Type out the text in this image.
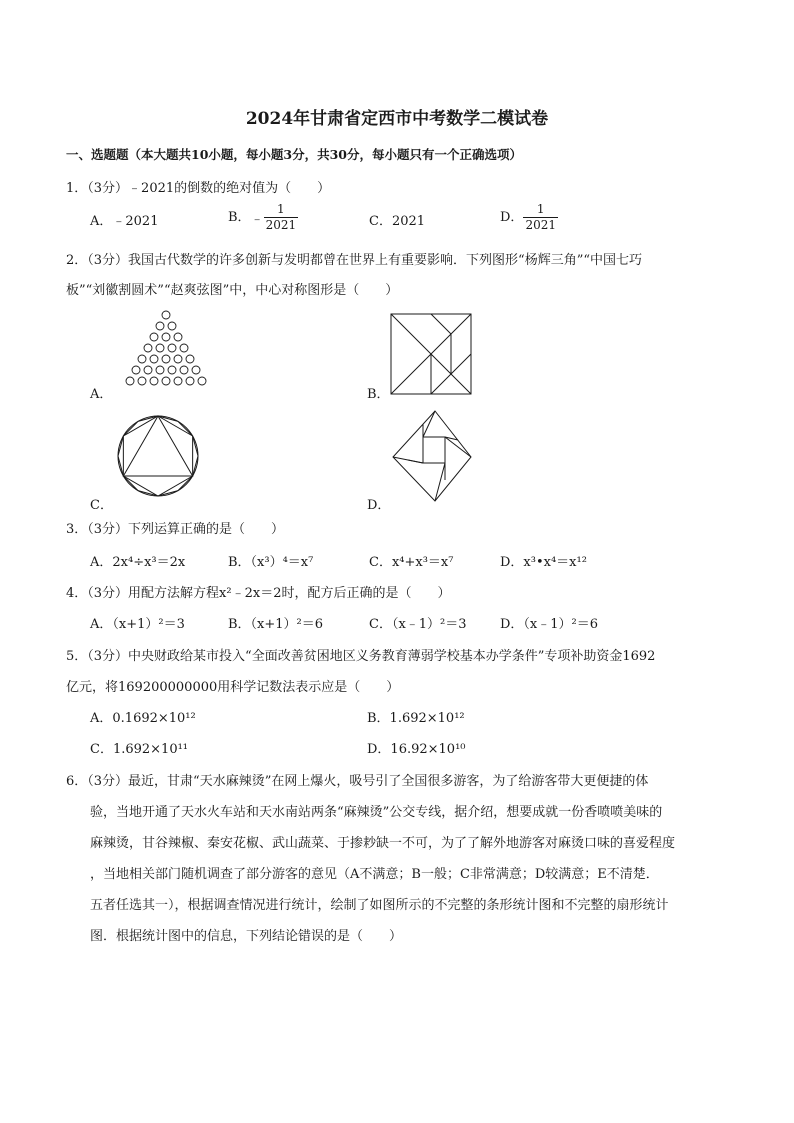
2024年甘肃省定西市中考数学二模试卷
一、选题题（本大题共10小题，每小题3分，共30分，每小题只有一个正确选项）
1．（3分）﹣2021的倒数的绝对值为（　　）
A．﹣2021	B．﹣ $\frac{1}{2021}$	C．2021	D． $\frac{1}{2021}$
2．（3分）我国古代数学的许多创新与发明都曾在世界上有重要影响．下列图形“杨辉三角”“中国七巧
板”“刘徽割圆术”“赵爽弦图”中，中心对称图形是（　　）
A．	B．
C．	D．
3．（3分）下列运算正确的是（　　）
A．2x⁴÷x³＝2x	B．（x³）⁴＝x⁷	C．x⁴+x³＝x⁷	D．x³•x⁴＝x¹²
4．（3分）用配方法解方程x²﹣2x＝2时，配方后正确的是（　　）
A．（x+1）²＝3	B．（x+1）²＝6	C．（x﹣1）²＝3	D．（x﹣1）²＝6
5．（3分）中央财政给某市投入“全面改善贫困地区义务教育薄弱学校基本办学条件”专项补助资金1692
亿元，将169200000000用科学记数法表示应是（　　）
A．0.1692×10¹²	B．1.692×10¹²
C．1.692×10¹¹	D．16.92×10¹⁰
6．（3分）最近，甘肃“天水麻辣烫”在网上爆火，吸号引了全国很多游客，为了给游客带大更便捷的体
验，当地开通了天水火车站和天水南站两条“麻辣烫”公交专线，据介绍，想要成就一份香喷喷美味的
麻辣烫，甘谷辣椒、秦安花椒、武山蔬菜、于掺耖缺一不可，为了了解外地游客对麻烫口味的喜爱程度
，当地相关部门随机调查了部分游客的意见（A不满意；B一般；C非常满意；D较满意；E不清楚．
五者任选其一），根据调查情况进行统计，绘制了如图所示的不完整的条形统计图和不完整的扇形统计
图．根据统计图中的信息，下列结论错误的是（　　）
